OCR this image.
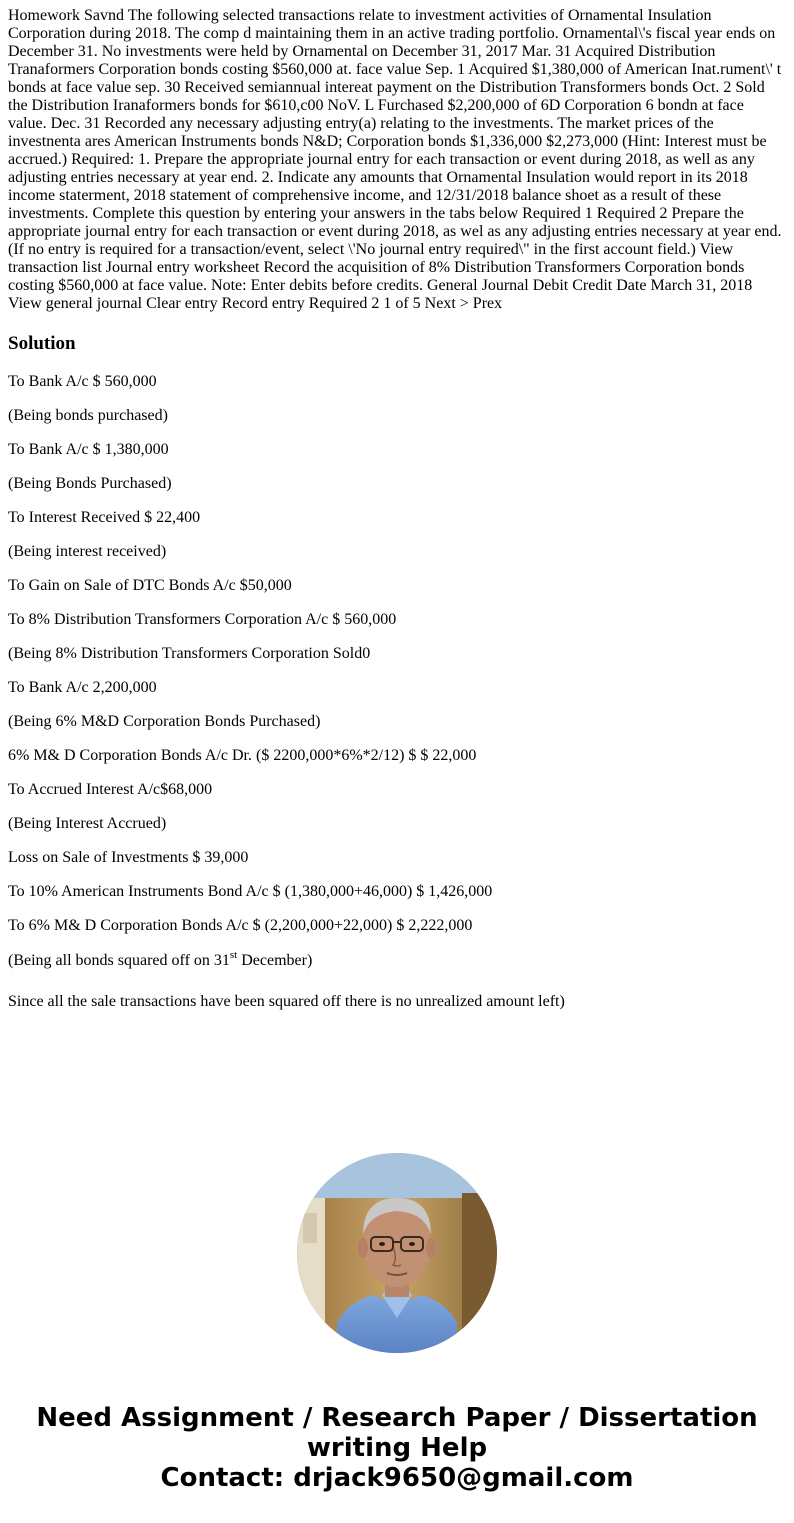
Homework Savnd The following selected transactions relate to investment activities of Ornamental Insulation Corporation during 2018. The comp d maintaining them in an active trading portfolio. Ornamental\'s fiscal year ends on December 31. No investments were held by Ornamental on December 31, 2017 Mar. 31 Acquired Distribution Tranaformers Corporation bonds costing $560,000 at. face value Sep. 1 Acquired $1,380,000 of American Inat.rument\' t bonds at face value sep. 30 Received semiannual intereat payment on the Distribution Transformers bonds Oct. 2 Sold the Distribution Iranaformers bonds for $610,c00 NoV. L Furchased $2,200,000 of 6D Corporation 6 bondn at face value. Dec. 31 Recorded any necessary adjusting entry(a) relating to the investments. The market prices of the investnenta ares American Instruments bonds N&D; Corporation bonds $1,336,000 $2,273,000 (Hint: Interest must be accrued.) Required: 1. Prepare the appropriate journal entry for each transaction or event during 2018, as well as any adjusting entries necessary at year end. 2. Indicate any amounts that Ornamental Insulation would report in its 2018 income staterment, 2018 statement of comprehensive income, and 12/31/2018 balance shoet as a result of these investments. Complete this question by entering your answers in the tabs below Required 1 Required 2 Prepare the appropriate journal entry for each transaction or event during 2018, as wel as any adjusting entries necessary at year end. (If no entry is required for a transaction/event, select \'No journal entry required\" in the first account field.) View transaction list Journal entry worksheet Record the acquisition of 8% Distribution Transformers Corporation bonds costing $560,000 at face value. Note: Enter debits before credits. General Journal Debit Credit Date March 31, 2018 View general journal Clear entry Record entry Required 2 1 of 5 Next > Prex
Solution

To Bank A/c $ 560,000

(Being bonds purchased)

To Bank A/c $ 1,380,000

(Being Bonds Purchased)

To Interest Received $ 22,400

(Being interest received)

To Gain on Sale of DTC Bonds A/c $50,000

To 8% Distribution Transformers Corporation A/c $ 560,000

(Being 8% Distribution Transformers Corporation Sold0

To Bank A/c 2,200,000

(Being 6% M&D Corporation Bonds Purchased)

6% M& D Corporation Bonds A/c Dr. ($ 2200,000*6%*2/12) $ $ 22,000

To Accrued Interest A/c$68,000

(Being Interest Accrued)

Loss on Sale of Investments $ 39,000

To 10% American Instruments Bond A/c $ (1,380,000+46,000) $ 1,426,000

To 6% M& D Corporation Bonds A/c $ (2,200,000+22,000) $ 2,222,000

(Being all bonds squared off on 31st December)

Since all the sale transactions have been squared off there is no unrealized amount left)

Need Assignment / Research Paper / Dissertation
writing Help
Contact: drjack9650@gmail.com
